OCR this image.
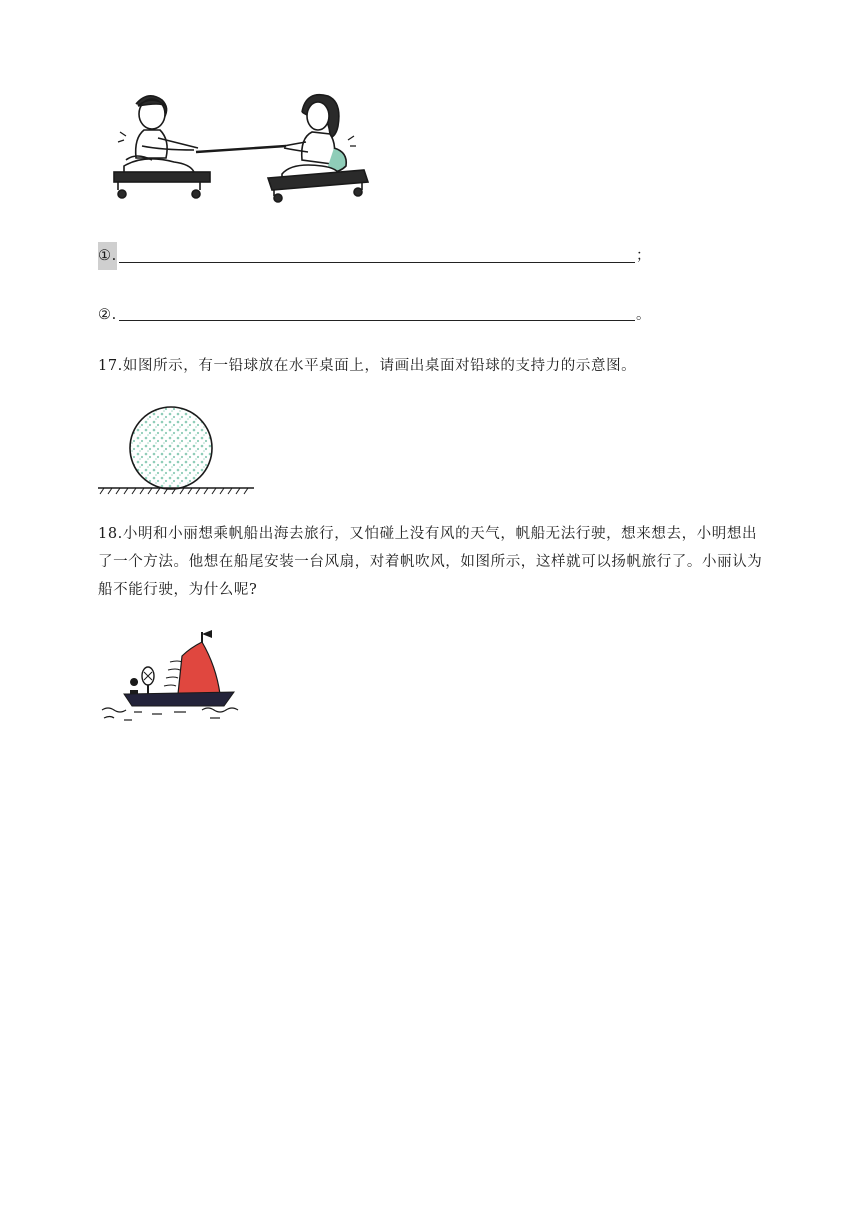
①.	；
②.	。
17.如图所示，有一铅球放在水平桌面上，请画出桌面对铅球的支持力的示意图。
18.小明和小丽想乘帆船出海去旅行，又怕碰上没有风的天气，帆船无法行驶，想来想去，小明想出
了一个方法。他想在船尾安装一台风扇，对着帆吹风，如图所示，这样就可以扬帆旅行了。小丽认为
船不能行驶，为什么呢?
